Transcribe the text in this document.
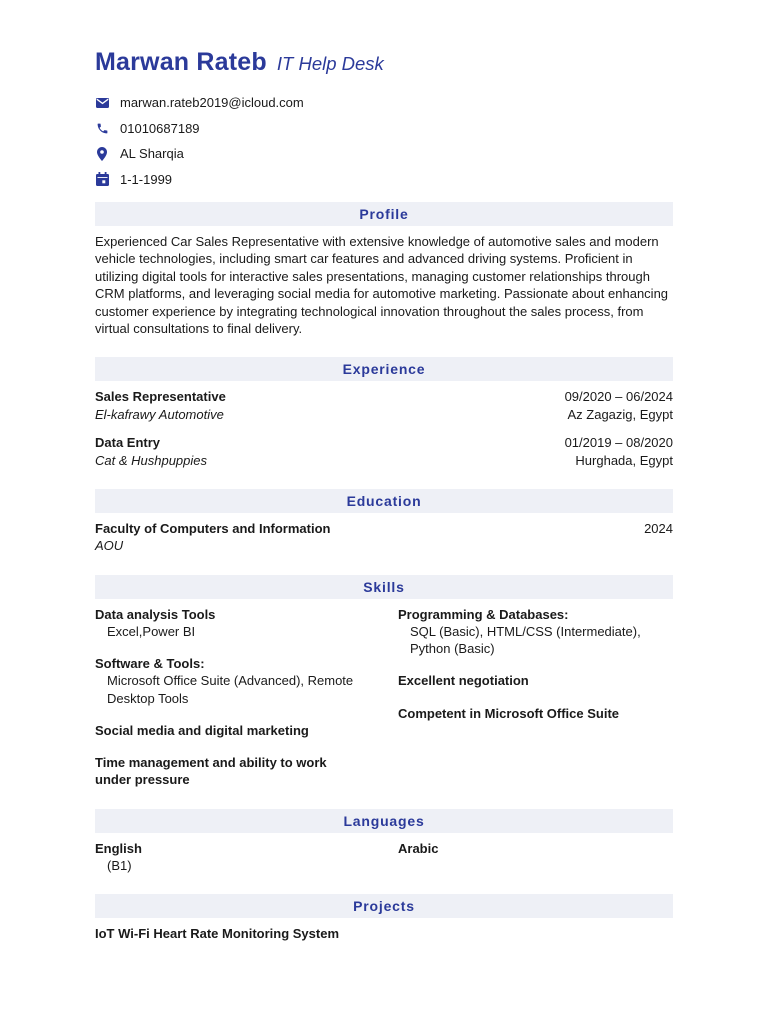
Marwan Rateb IT Help Desk
marwan.rateb2019@icloud.com
01010687189
AL Sharqia
1-1-1999
Profile
Experienced Car Sales Representative with extensive knowledge of automotive sales and modern vehicle technologies, including smart car features and advanced driving systems. Proficient in utilizing digital tools for interactive sales presentations, managing customer relationships through CRM platforms, and leveraging social media for automotive marketing. Passionate about enhancing customer experience by integrating technological innovation throughout the sales process, from virtual consultations to final delivery.
Experience
Sales Representative
El-kafrawy Automotive
09/2020 – 06/2024
Az Zagazig, Egypt
Data Entry
Cat & Hushpuppies
01/2019 – 08/2020
Hurghada, Egypt
Education
Faculty of Computers and Information
AOU
2024
Skills
Data analysis Tools
Excel,Power BI
Software & Tools:
Microsoft Office Suite (Advanced), Remote Desktop Tools
Social media and digital marketing
Time management and ability to work under pressure
Programming & Databases:
SQL (Basic), HTML/CSS (Intermediate), Python (Basic)
Excellent negotiation
Competent in Microsoft Office Suite
Languages
English
(B1)
Arabic
Projects
IoT Wi-Fi Heart Rate Monitoring System
